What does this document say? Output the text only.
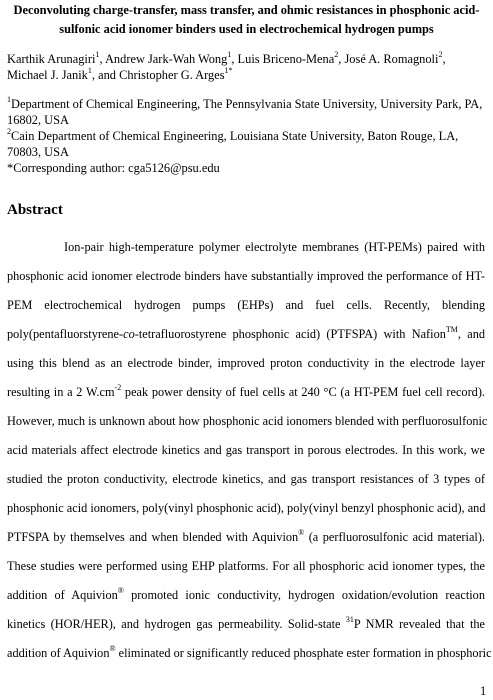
Deconvoluting charge-transfer, mass transfer, and ohmic resistances in phosphonic acid-sulfonic acid ionomer binders used in electrochemical hydrogen pumps
Karthik Arunagiri$^1$, Andrew Jark-Wah Wong$^1$, Luis Briceno-Mena$^2$, José A. Romagnoli$^2$,
Michael J. Janik$^1$, and Christopher G. Arges$^{1*}$
$^1$Department of Chemical Engineering, The Pennsylvania State University, University Park, PA,
16802, USA
$^2$Cain Department of Chemical Engineering, Louisiana State University, Baton Rouge, LA,
70803, USA
*Corresponding author: cga5126@psu.edu
Abstract
Ion-pair high-temperature polymer electrolyte membranes (HT-PEMs) paired with
phosphonic acid ionomer electrode binders have substantially improved the performance of HT-
PEM electrochemical hydrogen pumps (EHPs) and fuel cells. Recently, blending
poly(pentafluorstyrene-co-tetrafluorostyrene phosphonic acid) (PTFSPA) with Nafion™, and
using this blend as an electrode binder, improved proton conductivity in the electrode layer
resulting in a 2 $W.cm^{-2}$ peak power density of fuel cells at 240 °C (a HT-PEM fuel cell record).
However, much is unknown about how phosphonic acid ionomers blended with perfluorosulfonic
acid materials affect electrode kinetics and gas transport in porous electrodes. In this work, we
studied the proton conductivity, electrode kinetics, and gas transport resistances of 3 types of
phosphonic acid ionomers, poly(vinyl phosphonic acid), poly(vinyl benzyl phosphonic acid), and
PTFSPA by themselves and when blended with Aquivion® (a perfluorosulfonic acid material).
These studies were performed using EHP platforms. For all phosphoric acid ionomer types, the
addition of Aquivion® promoted ionic conductivity, hydrogen oxidation/evolution reaction
kinetics (HOR/HER), and hydrogen gas permeability. Solid-state $^{31}$P NMR revealed that the
addition of Aquivion® eliminated or significantly reduced phosphate ester formation in phosphoric
1
